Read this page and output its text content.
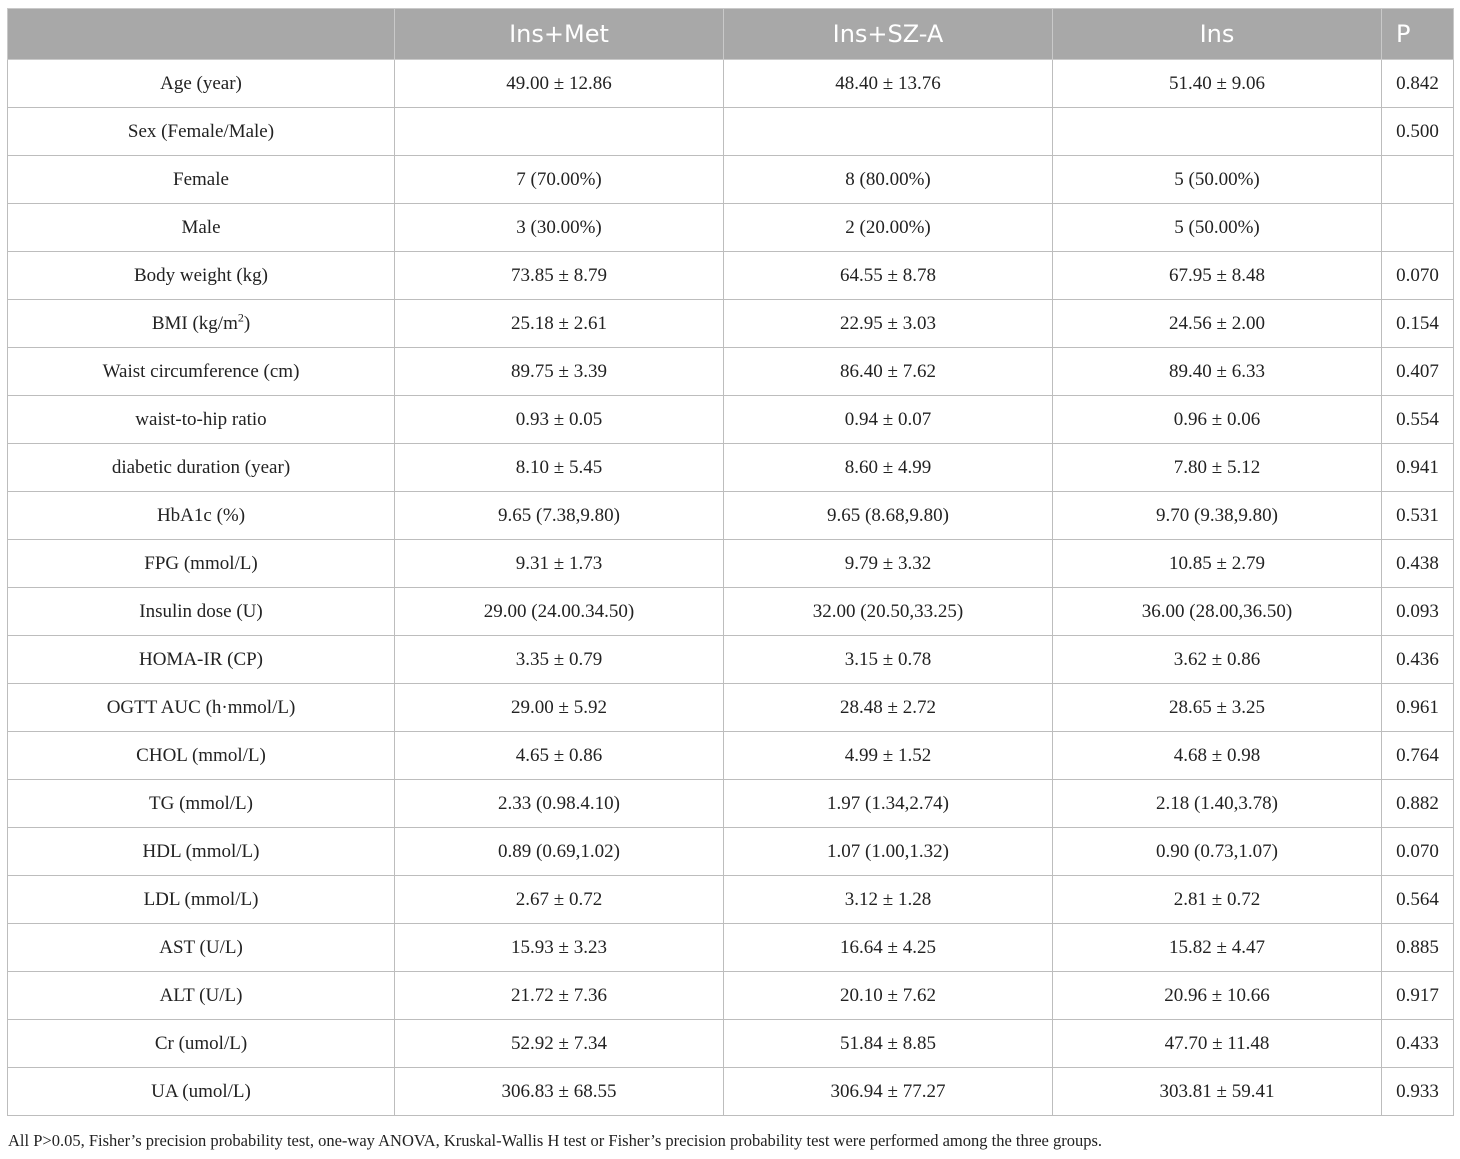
	Ins+Met	Ins+SZ-A	Ins	P
Age (year)	49.00 ± 12.86	48.40 ± 13.76	51.40 ± 9.06	0.842
Sex (Female/Male)				0.500
Female	7 (70.00%)	8 (80.00%)	5 (50.00%)	
Male	3 (30.00%)	2 (20.00%)	5 (50.00%)	
Body weight (kg)	73.85 ± 8.79	64.55 ± 8.78	67.95 ± 8.48	0.070
BMI $(kg/m^2)$	25.18 ± 2.61	22.95 ± 3.03	24.56 ± 2.00	0.154
Waist circumference (cm)	89.75 ± 3.39	86.40 ± 7.62	89.40 ± 6.33	0.407
waist-to-hip ratio	0.93 ± 0.05	0.94 ± 0.07	0.96 ± 0.06	0.554
diabetic duration (year)	8.10 ± 5.45	8.60 ± 4.99	7.80 ± 5.12	0.941
HbA1c (%)	9.65 (7.38,9.80)	9.65 (8.68,9.80)	9.70 (9.38,9.80)	0.531
FPG (mmol/L)	9.31 ± 1.73	9.79 ± 3.32	10.85 ± 2.79	0.438
Insulin dose (U)	29.00 (24.00.34.50)	32.00 (20.50,33.25)	36.00 (28.00,36.50)	0.093
HOMA-IR (CP)	3.35 ± 0.79	3.15 ± 0.78	3.62 ± 0.86	0.436
OGTT AUC (h·mmol/L)	29.00 ± 5.92	28.48 ± 2.72	28.65 ± 3.25	0.961
CHOL (mmol/L)	4.65 ± 0.86	4.99 ± 1.52	4.68 ± 0.98	0.764
TG (mmol/L)	2.33 (0.98.4.10)	1.97 (1.34,2.74)	2.18 (1.40,3.78)	0.882
HDL (mmol/L)	0.89 (0.69,1.02)	1.07 (1.00,1.32)	0.90 (0.73,1.07)	0.070
LDL (mmol/L)	2.67 ± 0.72	3.12 ± 1.28	2.81 ± 0.72	0.564
AST (U/L)	15.93 ± 3.23	16.64 ± 4.25	15.82 ± 4.47	0.885
ALT (U/L)	21.72 ± 7.36	20.10 ± 7.62	20.96 ± 10.66	0.917
Cr (umol/L)	52.92 ± 7.34	51.84 ± 8.85	47.70 ± 11.48	0.433
UA (umol/L)	306.83 ± 68.55	306.94 ± 77.27	303.81 ± 59.41	0.933
All P>0.05, Fisher’s precision probability test, one-way ANOVA, Kruskal-Wallis H test or Fisher’s precision probability test were performed among the three groups.
